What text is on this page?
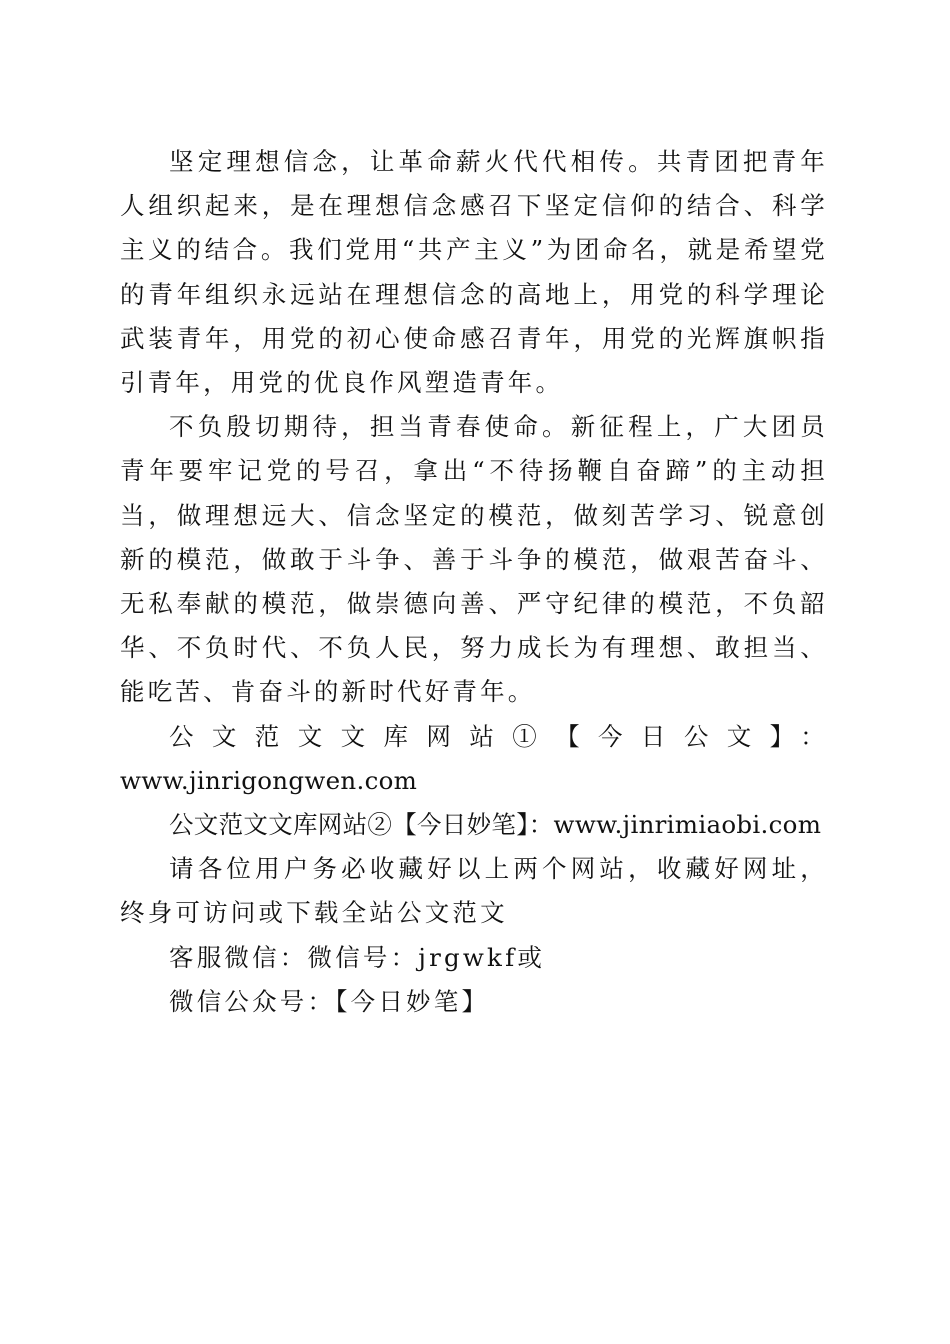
坚定理想信念，让革命薪火代代相传。共青团把青年人组织起来，是在理想信念感召下坚定信仰的结合、科学主义的结合。我们党用“共产主义”为团命名，就是希望党的青年组织永远站在理想信念的高地上，用党的科学理论武装青年，用党的初心使命感召青年，用党的光辉旗帜指引青年，用党的优良作风塑造青年。

不负殷切期待，担当青春使命。新征程上，广大团员青年要牢记党的号召，拿出“不待扬鞭自奋蹄”的主动担当，做理想远大、信念坚定的模范，做刻苦学习、锐意创新的模范，做敢于斗争、善于斗争的模范，做艰苦奋斗、无私奉献的模范，做崇德向善、严守纪律的模范，不负韶华、不负时代、不负人民，努力成长为有理想、敢担当、能吃苦、肯奋斗的新时代好青年。

公文范文文库网站①【今日公文】：
www.jinrigongwen.com

公文范文文库网站②【今日妙笔】：www.jinrimiaobi.com

请各位用户务必收藏好以上两个网站，收藏好网址，终身可访问或下载全站公文范文

客服微信：微信号：jrgwkf或

微信公众号：【今日妙笔】
